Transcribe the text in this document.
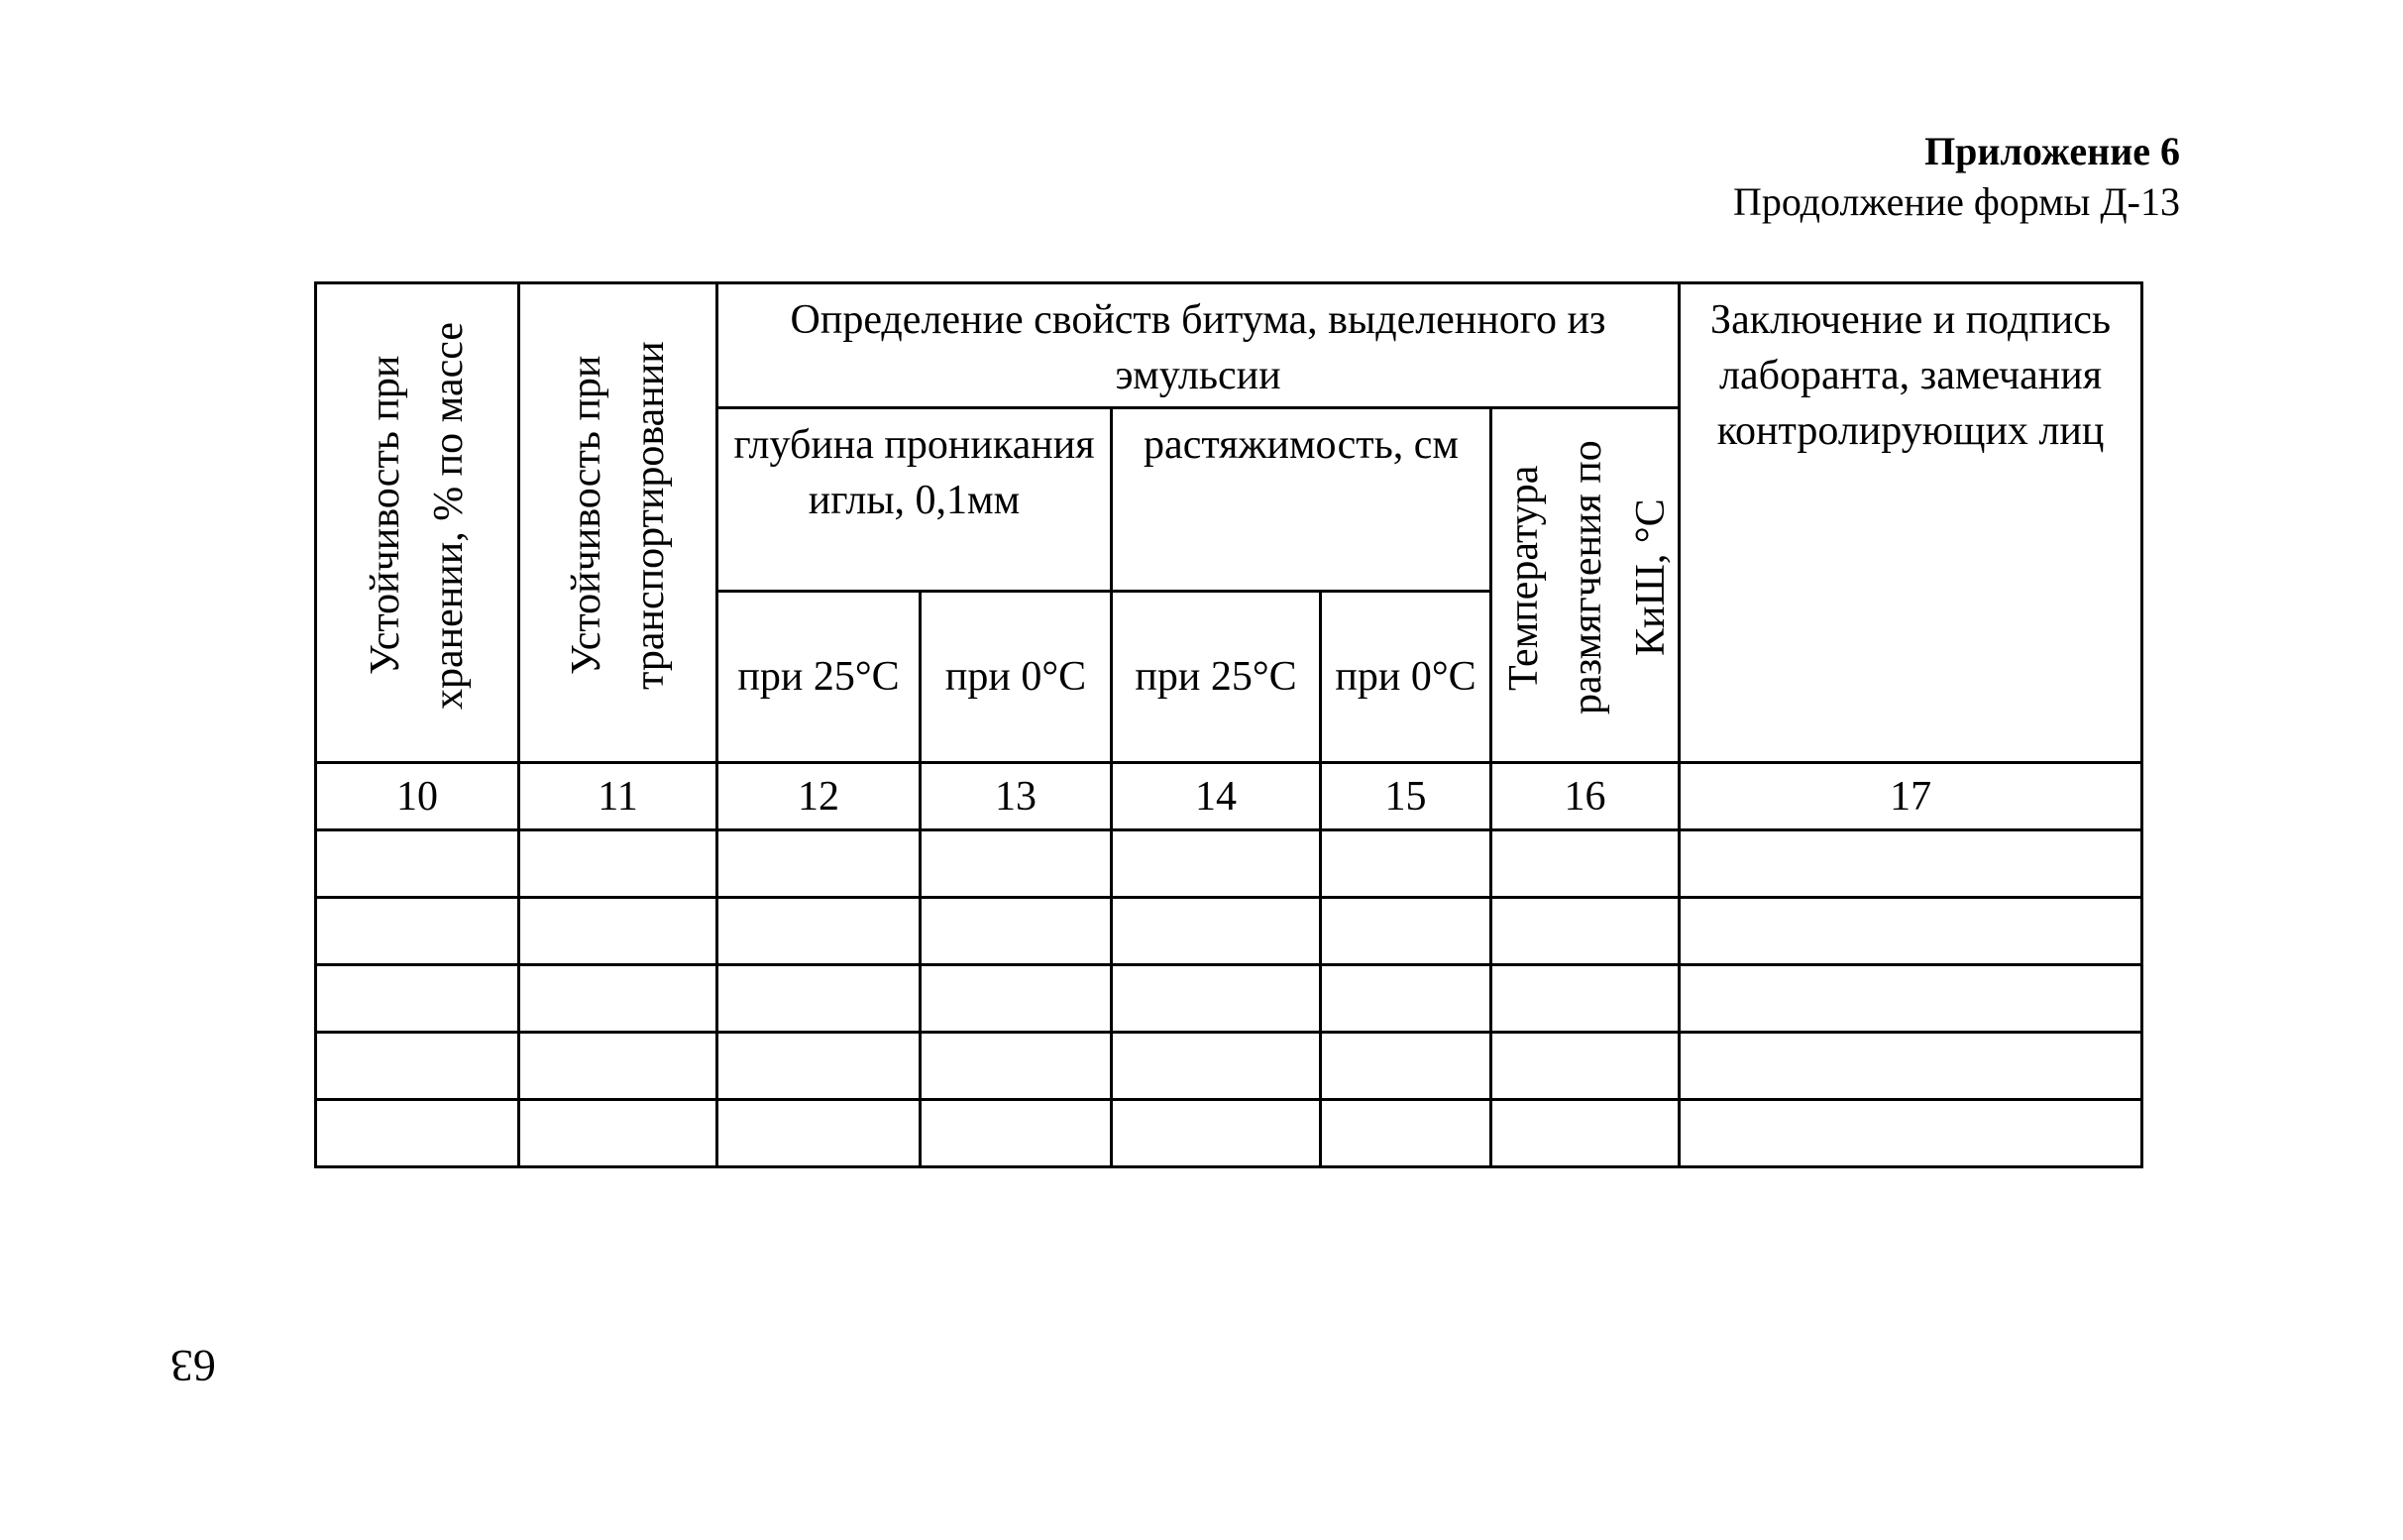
Приложение 6
Продолжение формы Д-13
Устойчивость при хранении, % по массе	Устойчивость при транспортировании	Определение свойств битума, выделенного из эмульсии					Заключение и подпись лаборанта, замечания контролирующих лиц
		глубина проникания иглы, 0,1мм		растяжимость, см		Температура размягчения по КиШ, °С	
		при 25°С	при 0°С	при 25°С	при 0°С		
10	11	12	13	14	15	16	17

63
